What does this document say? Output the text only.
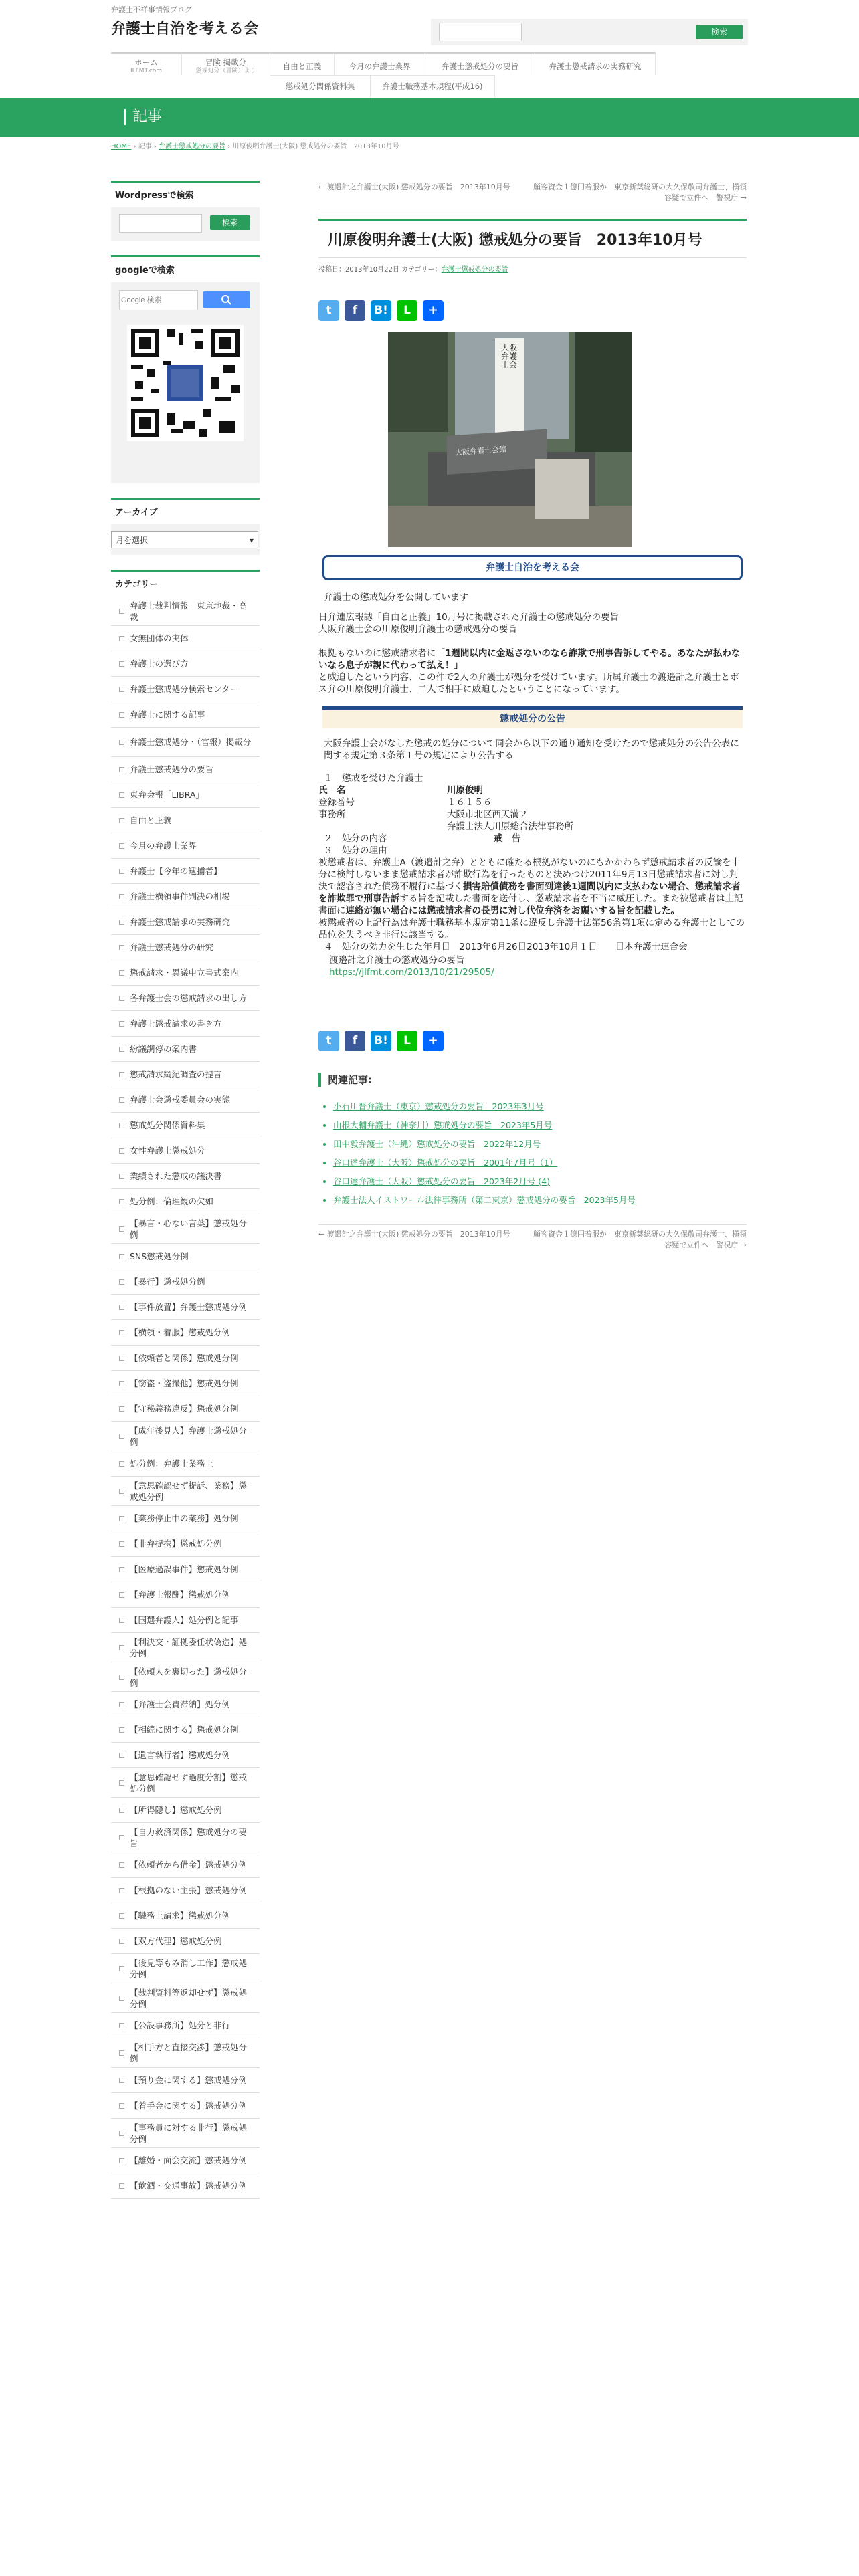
弁護士不祥事情報ブログ
弁護士自治を考える会	検索
ホーム
ILFMT.com
冒険 掲載分
懲戒処分（冒険）より	自由と正義	今月の弁護士業界	弁護士懲戒処分の要旨	弁護士懲戒請求の実務研究
懲戒処分関係資料集	弁護士職務基本規程(平成16)
記事
HOME › 記事 › 弁護士懲戒処分の要旨 › 川原俊明弁護士(大阪) 懲戒処分の要旨　2013年10月号
Wordpressで検索
検索
googleで検索
Google 検索
アーカイブ
月を選択	▾
カテゴリー
弁護士裁判情報　東京地裁・高裁
女無団体の実体
弁護士の選び方
弁護士懲戒処分検索センター
弁護士に関する記事
弁護士懲戒処分・（官報）掲載分
弁護士懲戒処分の要旨
東弁会報「LIBRA」
自由と正義
今月の弁護士業界
弁護士【今年の逮捕者】
弁護士横領事件判決の相場
弁護士懲戒請求の実務研究
弁護士懲戒処分の研究
懲戒請求・異議申立書式案内
各弁護士会の懲戒請求の出し方
弁護士懲戒請求の書き方
紛議調停の案内書
懲戒請求綱紀調査の提言
弁護士会懲戒委員会の実態
懲戒処分関係資料集
女性弁護士懲戒処分
業績された懲戒の議決書
処分例：倫理観の欠如
【暴言・心ない言葉】懲戒処分例
SNS懲戒処分例
【暴行】懲戒処分例
【事件放置】弁護士懲戒処分例
【横領・着服】懲戒処分例
【依頼者と関係】懲戒処分例
【窃盗・盗撮他】懲戒処分例
【守秘義務違反】懲戒処分例
【成年後見人】弁護士懲戒処分例
処分例：弁護士業務上
【意思確認せず提訴、業務】懲戒処分例
【業務停止中の業務】処分例
【非弁提携】懲戒処分例
【医療過誤事件】懲戒処分例
【弁護士報酬】懲戒処分例
【国選弁護人】処分例と記事
【利決交・証拠委任状偽造】処分例
【依頼人を裏切った】懲戒処分例
【弁護士会費滞納】処分例
【相続に関する】懲戒処分例
【遺言執行者】懲戒処分例
【意思確認せず過度分割】懲戒処分例
【所得隠し】懲戒処分例
【自力救済関係】懲戒処分の要旨
【依頼者から借金】懲戒処分例
【根拠のない主張】懲戒処分例
【職務上請求】懲戒処分例
【双方代理】懲戒処分例
【後見等もみ消し工作】懲戒処分例
【裁判資料等返却せず】懲戒処分例
【公設事務所】処分と非行
【相手方と直接交渉】懲戒処分例
【預り金に関する】懲戒処分例
【着手金に関する】懲戒処分例
【事務員に対する非行】懲戒処分例
【離婚・面会交流】懲戒処分例
【飲酒・交通事故】懲戒処分例
← 渡邉計之弁護士(大阪) 懲戒処分の要旨　2013年10月号	顧客資金１億円着服か　東京新葉総研の大久保敬司弁護士、横領容疑で立件へ　警視庁 →
川原俊明弁護士(大阪) 懲戒処分の要旨　2013年10月号
投稿日：2013年10月22日 カテゴリー：弁護士懲戒処分の要旨
t	f	B!	L	+
大阪弁護士会
大阪弁護士会館
弁護士自治を考える会
弁護士の懲戒処分を公開しています
日弁連広報誌「自由と正義」10月号に掲載された弁護士の懲戒処分の要旨
大阪弁護士会の川原俊明弁護士の懲戒処分の要旨
根拠もないのに懲戒請求者に「1週間以内に金返さないのなら詐欺で刑事告訴してやる。あなたが払わないなら息子が親に代わって払え！」
と威迫したという内容、この件で2人の弁護士が処分を受けています。所属弁護士の渡邉計之弁護士とボス弁の川原俊明弁護士、二人で相手に威迫したということになっています。
懲戒処分の公告
大阪弁護士会がなした懲戒の処分について同会から以下の通り通知を受けたので懲戒処分の公告公表に関する規定第３条第１号の規定により公告する
１　懲戒を受けた弁護士
氏　名	川原俊明
登録番号	１６１５６
事務所	大阪市北区西天満２
弁護士法人川原総合法律事務所
２　処分の内容	戒　告
３　処分の理由
被懲戒者は、弁護士A（渡邉計之弁）とともに確たる根拠がないのにもかかわらず懲戒請求者の反論を十分に検討しないまま懲戒請求者が詐欺行為を行ったものと決めつけ2011年9月13日懲戒請求者に対し判決で認容された債務不履行に基づく損害賠償債務を書面到達後1週間以内に支払わない場合、懲戒請求者を詐欺罪で刑事告訴する旨を記載した書面を送付し、懲戒請求者を不当に威圧した。また被懲戒者は上記書面に連絡が無い場合には懲戒請求者の長男に対し代位弁済をお願いする旨を記載した。
被懲戒者の上記行為は弁護士職務基本規定第11条に違反し弁護士法第56条第1項に定める弁護士としての品位を失うべき非行に該当する。
４　処分の効力を生じた年月日　2013年6月26日2013年10月１日　　日本弁護士連合会
渡邉計之弁護士の懲戒処分の要旨
https://jlfmt.com/2013/10/21/29505/
t	f	B!	L	+
関連記事:
• 小石川晋弁護士（東京）懲戒処分の要旨　2023年3月号
• 山根大輔弁護士（神奈川）懲戒処分の要旨　2023年5月号
• 田中毅弁護士（沖縄）懲戒処分の要旨　2022年12月号
• 谷口達弁護士（大阪）懲戒処分の要旨　2001年7月号（1）
• 谷口達弁護士（大阪）懲戒処分の要旨　2023年2月号 (4)
• 弁護士法人イストワール法律事務所（第二東京）懲戒処分の要旨　2023年5月号
← 渡邉計之弁護士(大阪) 懲戒処分の要旨　2013年10月号	顧客資金１億円着服か　東京新葉総研の大久保敬司弁護士、横領容疑で立件へ　警視庁 →
